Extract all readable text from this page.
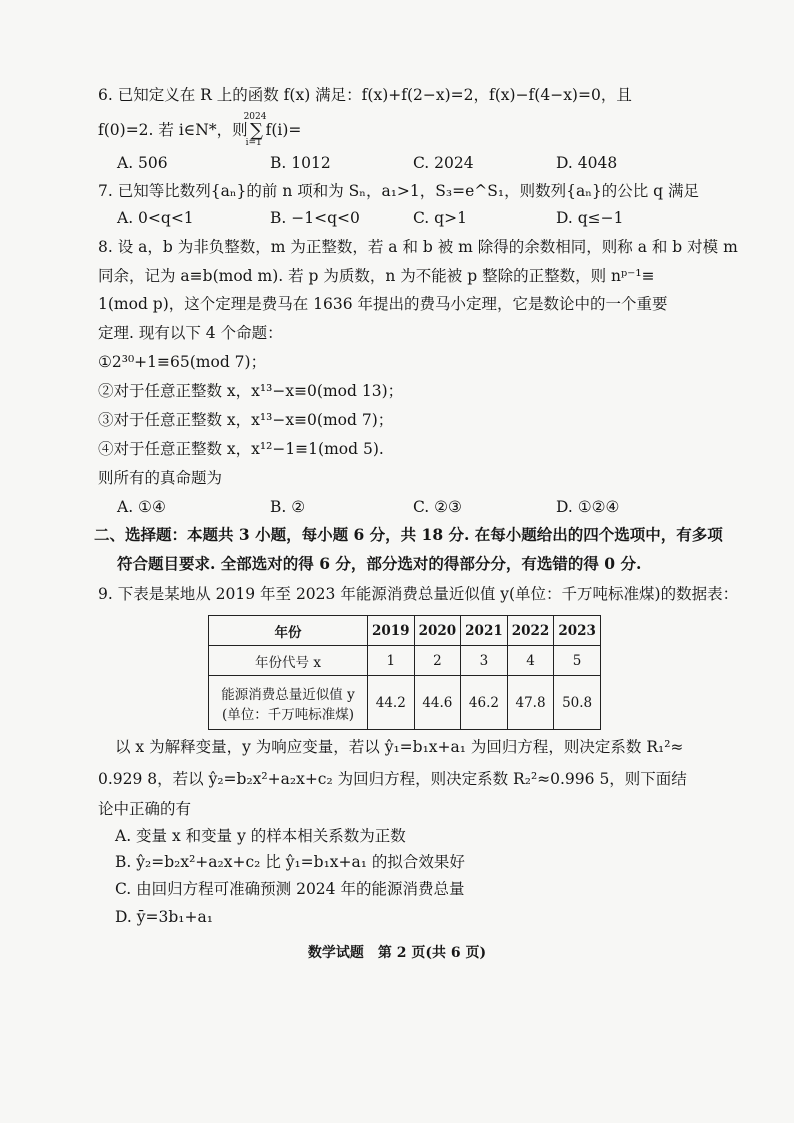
6. 已知定义在 R 上的函数 f(x) 满足：f(x)+f(2−x)=2，f(x)−f(4−x)=0，且
f(0)=2. 若 i∈N*，则
2024
∑
i=1
f(i)=
A. 506	B. 1012	C. 2024	D. 4048
7. 已知等比数列{aₙ}的前 n 项和为 Sₙ，a₁>1，S₃=e^S₁，则数列{aₙ}的公比 q 满足
A. 0<q<1	B. −1<q<0	C. q>1	D. q≤−1
8. 设 a，b 为非负整数，m 为正整数，若 a 和 b 被 m 除得的余数相同，则称 a 和 b 对模 m
同余，记为 a≡b(mod m). 若 p 为质数，n 为不能被 p 整除的正整数，则 nᵖ⁻¹≡
1(mod p)，这个定理是费马在 1636 年提出的费马小定理，它是数论中的一个重要
定理. 现有以下 4 个命题：
①2³⁰+1≡65(mod 7)；
②对于任意正整数 x，x¹³−x≡0(mod 13)；
③对于任意正整数 x，x¹³−x≡0(mod 7)；
④对于任意正整数 x，x¹²−1≡1(mod 5).
则所有的真命题为
A. ①④	B. ②	C. ②③	D. ①②④
二、选择题：本题共 3 小题，每小题 6 分，共 18 分. 在每小题给出的四个选项中，有多项
符合题目要求. 全部选对的得 6 分，部分选对的得部分分，有选错的得 0 分.
9. 下表是某地从 2019 年至 2023 年能源消费总量近似值 y(单位：千万吨标准煤)的数据表：
年份	2019	2020	2021	2022	2023
年份代号 x	1	2	3	4	5

能源消费总量近似值 y
(单位：千万吨标准煤)	44.2	44.6	46.2	47.8	50.8
以 x 为解释变量，y 为响应变量，若以 ŷ₁=b₁x+a₁ 为回归方程，则决定系数 R₁²≈
0.929 8，若以 ŷ₂=b₂x²+a₂x+c₂ 为回归方程，则决定系数 R₂²≈0.996 5，则下面结
论中正确的有
A. 变量 x 和变量 y 的样本相关系数为正数
B. ŷ₂=b₂x²+a₂x+c₂ 比 ŷ₁=b₁x+a₁ 的拟合效果好
C. 由回归方程可准确预测 2024 年的能源消费总量
D. ȳ=3b₁+a₁
数学试题　第 2 页(共 6 页)
